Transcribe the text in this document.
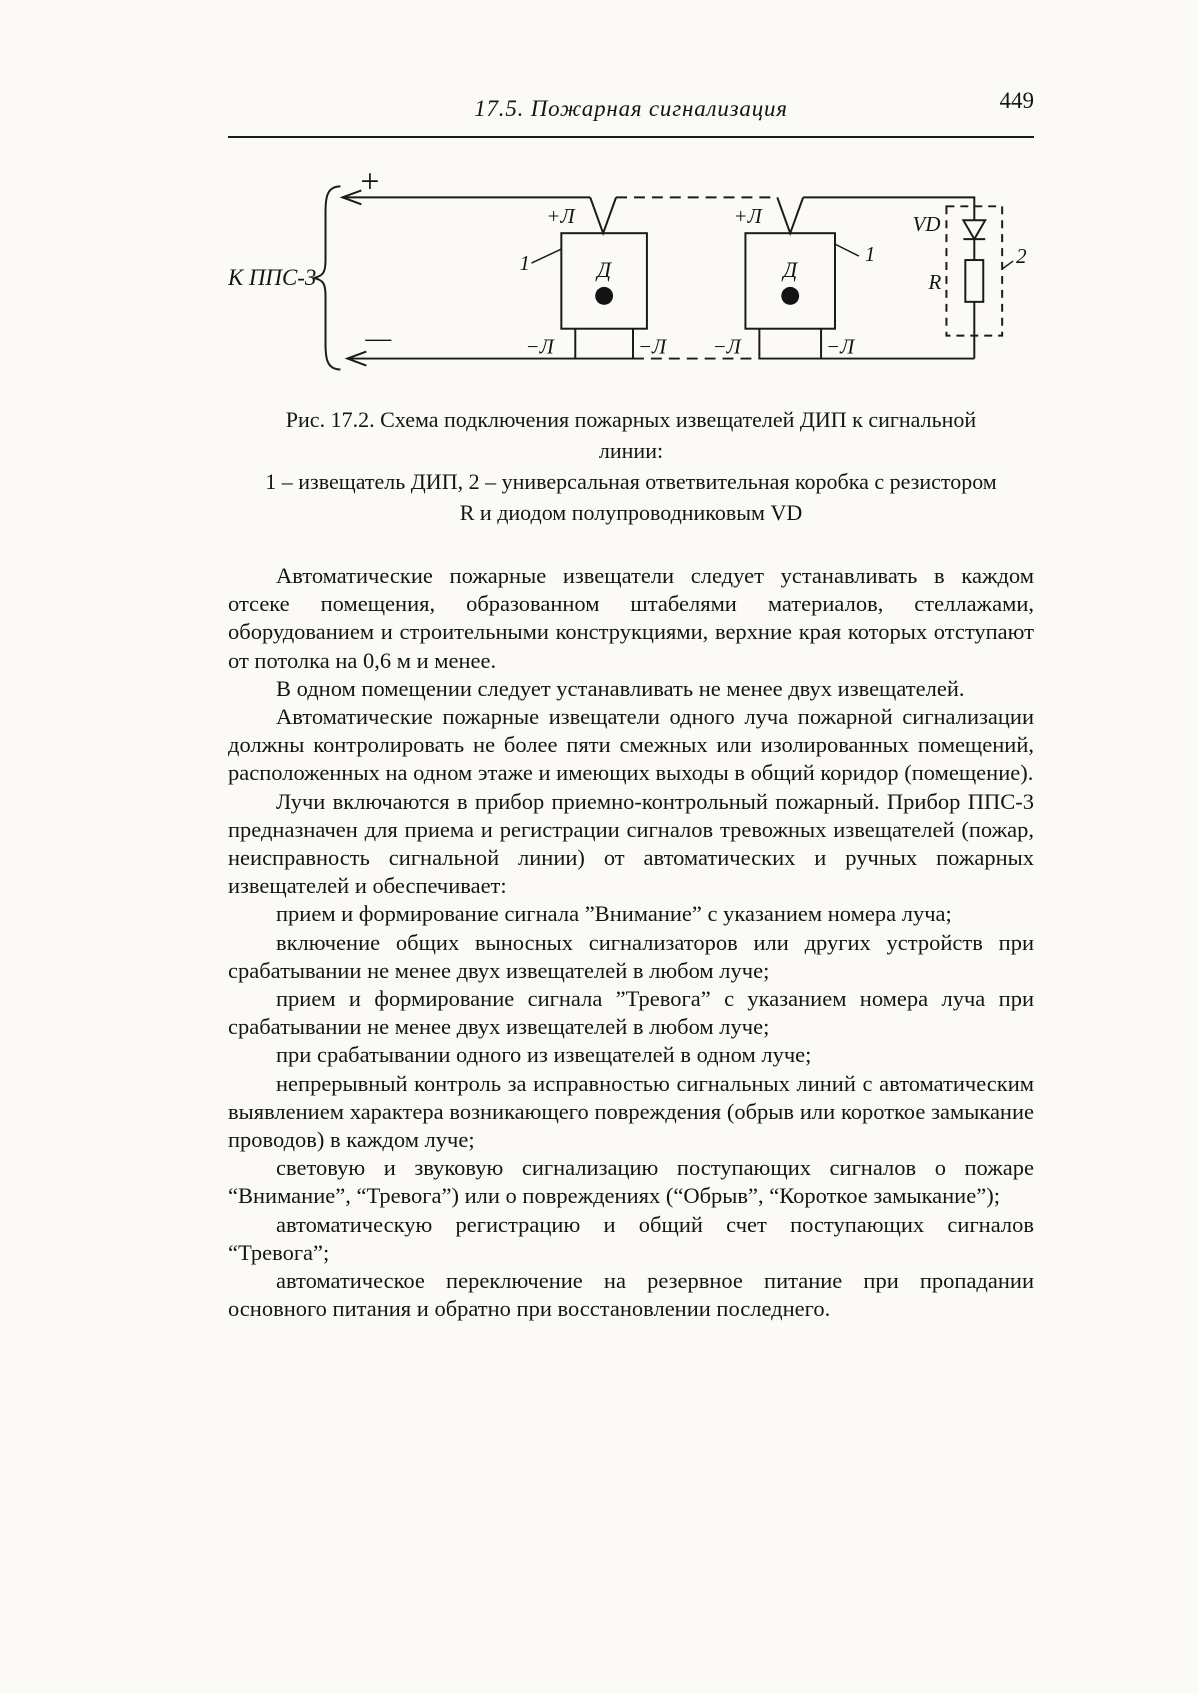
17.5. Пожарная сигнализация	449
К ППС-3
+
—
+Л	+Л
−Л	−Л −Л	−Л
Д	Д
1	1	2
VD
R
Рис. 17.2. Схема подключения пожарных извещателей ДИП к сигнальной
линии:
1 – извещатель ДИП, 2 – универсальная ответвительная коробка с резистором
R и диодом полупроводниковым VD

Автоматические пожарные извещатели следует устанавливать в каждом отсеке помещения, образованном штабелями материалов, стеллажами, оборудованием и строительными конструкциями, верхние края которых отступают от потолка на 0,6 м и менее.

В одном помещении следует устанавливать не менее двух извещателей.

Автоматические пожарные извещатели одного луча пожарной сигнализации должны контролировать не более пяти смежных или изолированных помещений, расположенных на одном этаже и имеющих выходы в общий коридор (помещение).

Лучи включаются в прибор приемно-контрольный пожарный. Прибор ППС-3 предназначен для приема и регистрации сигналов тревожных извещателей (пожар, неисправность сигнальной линии) от автоматических и ручных пожарных извещателей и обеспечивает:

прием и формирование сигнала ”Внимание” с указанием номера луча;

включение общих выносных сигнализаторов или других устройств при срабатывании не менее двух извещателей в любом луче;

прием и формирование сигнала ”Тревога” с указанием номера луча при срабатывании не менее двух извещателей в любом луче;

при срабатывании одного из извещателей в одном луче;

непрерывный контроль за исправностью сигнальных линий с автоматическим выявлением характера возникающего повреждения (обрыв или короткое замыкание проводов) в каждом луче;

световую и звуковую сигнализацию поступающих сигналов о пожаре “Внимание”, “Тревога”) или о повреждениях (“Обрыв”, “Короткое замыкание”);

автоматическую регистрацию и общий счет поступающих сигналов “Тревога”;

автоматическое переключение на резервное питание при пропадании основного питания и обратно при восстановлении последнего.
